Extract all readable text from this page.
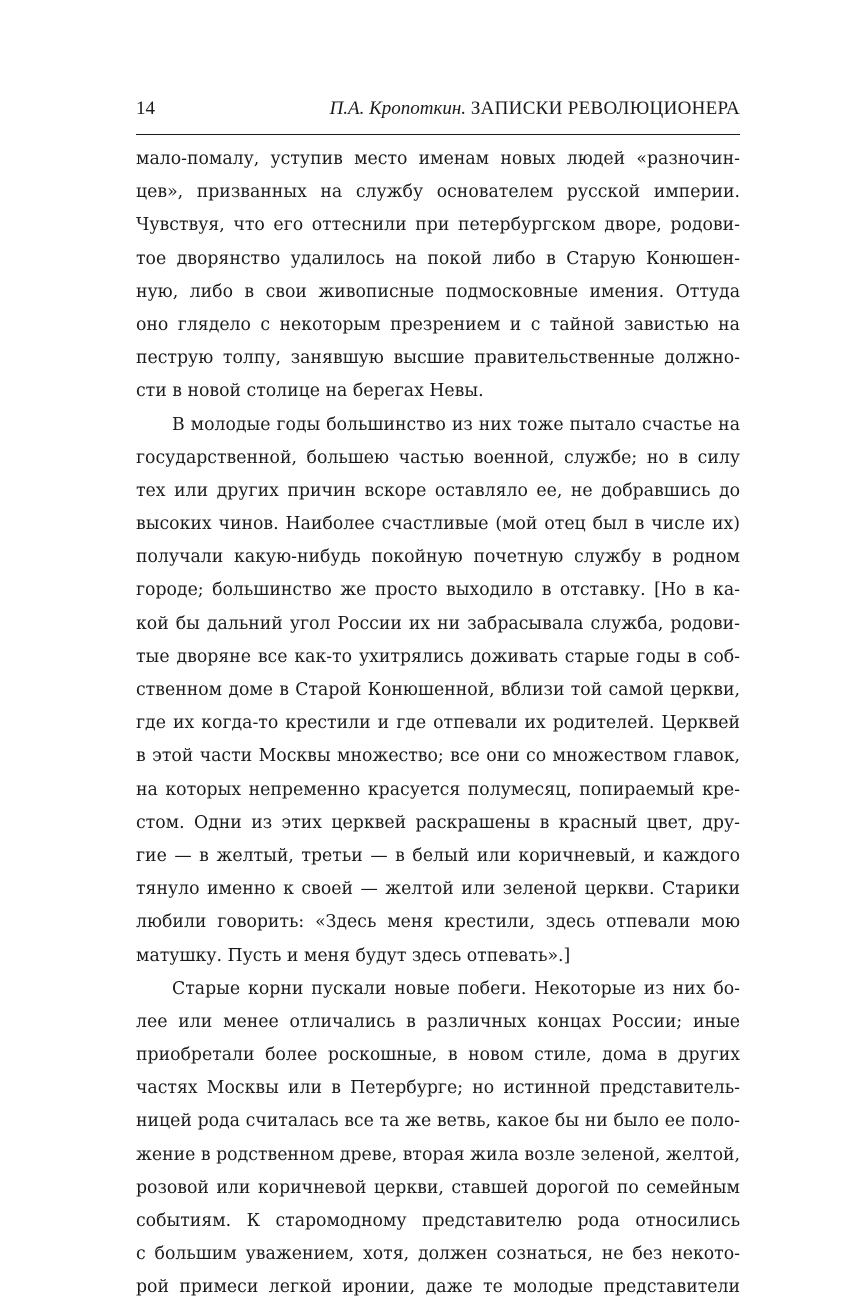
14	П.А. Кропоткин. ЗАПИСКИ РЕВОЛЮЦИОНЕРА
мало-помалу, уступив место именам новых людей «разночин-
цев», призванных на службу основателем русской империи.
Чувствуя, что его оттеснили при петербургском дворе, родови-
тое дворянство удалилось на покой либо в Старую Конюшен-
ную, либо в свои живописные подмосковные имения. Оттуда
оно глядело с некоторым презрением и с тайной завистью на
пеструю толпу, занявшую высшие правительственные должно-
сти в новой столице на берегах Невы.
В молодые годы большинство из них тоже пытало счастье на
государственной, большею частью военной, службе; но в силу
тех или других причин вскоре оставляло ее, не добравшись до
высоких чинов. Наиболее счастливые (мой отец был в числе их)
получали какую-нибудь покойную почетную службу в родном
городе; большинство же просто выходило в отставку. [Но в ка-
кой бы дальний угол России их ни забрасывала служба, родови-
тые дворяне все как-то ухитрялись доживать старые годы в соб-
ственном доме в Старой Конюшенной, вблизи той самой церкви,
где их когда-то крестили и где отпевали их родителей. Церквей
в этой части Москвы множество; все они со множеством главок,
на которых непременно красуется полумесяц, попираемый кре-
стом. Одни из этих церквей раскрашены в красный цвет, дру-
гие — в желтый, третьи — в белый или коричневый, и каждого
тянуло именно к своей — желтой или зеленой церкви. Старики
любили говорить: «Здесь меня крестили, здесь отпевали мою
матушку. Пусть и меня будут здесь отпевать».]
Старые корни пускали новые побеги. Некоторые из них бо-
лее или менее отличались в различных концах России; иные
приобретали более роскошные, в новом стиле, дома в других
частях Москвы или в Петербурге; но истинной представитель-
ницей рода считалась все та же ветвь, какое бы ни было ее поло-
жение в родственном древе, вторая жила возле зеленой, желтой,
розовой или коричневой церкви, ставшей дорогой по семейным
событиям. К старомодному представителю рода относились
с большим уважением, хотя, должен сознаться, не без некото-
рой примеси легкой иронии, даже те молодые представители
